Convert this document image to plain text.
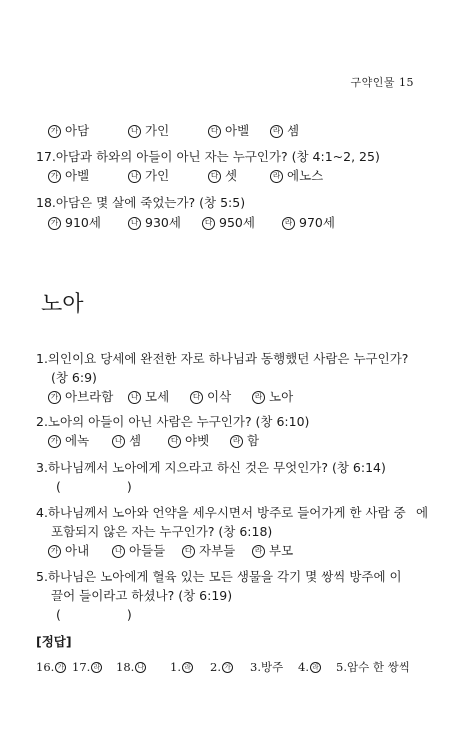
구약인물 15
가 아담	나 가인	다 아벨	라 셈
17.아담과 하와의 아들이 아닌 자는 누구인가? (창 4:1~2, 25)
가 아벨	나 가인	다 셋	라 에노스
18.아담은 몇 살에 죽었는가? (창 5:5)
가 910세	나 930세	다 950세	라 970세
노아
1.의인이요 당세에 완전한 자로 하나님과 동행했던 사람은 누구인가?
(창 6:9)
가 아브라함	나 모세	다 이삭	라 노아
2.노아의 아들이 아닌 사람은 누구인가? (창 6:10)
가 에녹	나 셈	다 야벳	라 함
3.하나님께서 노아에게 지으라고 하신 것은 무엇인가? (창 6:14)
(	)
4.하나님께서 노아와 언약을 세우시면서 방주로 들어가게 한 사람 중 에
포함되지 않은 자는 누구인가? (창 6:18)
가 아내	나 아들들	다 자부들	라 부모
5.하나님은 노아에게 혈육 있는 모든 생물을 각기 몇 쌍씩 방주에 이
끌어 들이라고 하셨나? (창 6:19)
(	)
[정답]
16. 가 17. 라 18. 나 1. 라 2. 가 3. 방주 4. 라 5. 암수 한 쌍씩
